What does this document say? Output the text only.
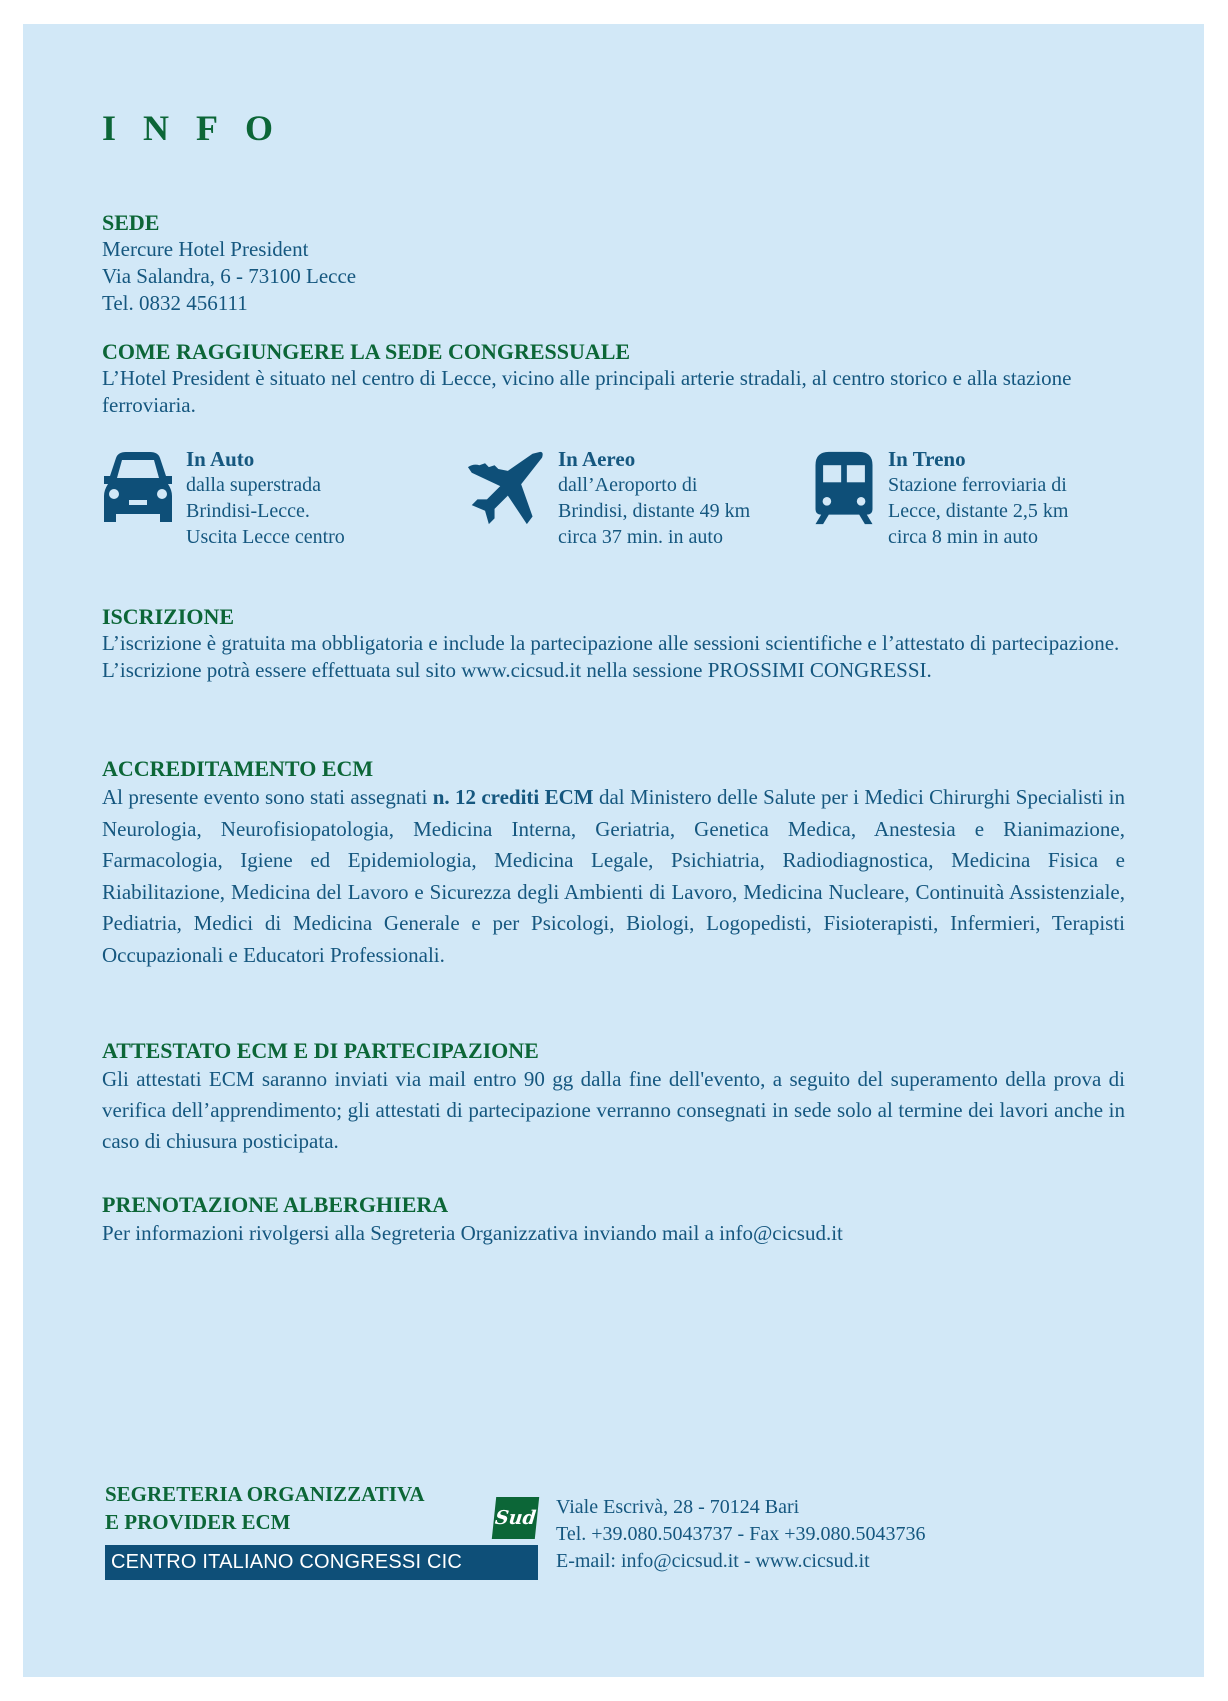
INFO

SEDE

Mercure Hotel President

Via Salandra, 6 - 73100 Lecce

Tel. 0832 456111

COME RAGGIUNGERE LA SEDE CONGRESSUALE

L’Hotel President è situato nel centro di Lecce, vicino alle principali arterie stradali, al centro storico e alla stazione ferroviaria.

In Auto
dalla superstrada
Brindisi-Lecce.
Uscita Lecce centro
In Aereo
dall’Aeroporto di
Brindisi, distante 49 km
circa 37 min. in auto
In Treno
Stazione ferroviaria di
Lecce, distante 2,5 km
circa 8 min in auto

ISCRIZIONE

L’iscrizione è gratuita ma obbligatoria e include la partecipazione alle sessioni scientifiche e l’attestato di partecipazione. L’iscrizione potrà essere effettuata sul sito www.cicsud.it nella sessione PROSSIMI CONGRESSI.

ACCREDITAMENTO ECM

Al presente evento sono stati assegnati n. 12 crediti ECM dal Ministero delle Salute per i Medici Chirurghi Specialisti in Neurologia, Neurofisiopatologia, Medicina Interna, Geriatria, Genetica Medica, Anestesia e Rianimazione, Farmacologia, Igiene ed Epidemiologia, Medicina Legale, Psichiatria, Radiodiagnostica, Medicina Fisica e Riabilitazione, Medicina del Lavoro e Sicurezza degli Ambienti di Lavoro, Medicina Nucleare, Continuità Assistenziale, Pediatria, Medici di Medicina Generale e per Psicologi, Biologi, Logopedisti, Fisioterapisti, Infermieri, Terapisti Occupazionali e Educatori Professionali.

ATTESTATO ECM E DI PARTECIPAZIONE

Gli attestati ECM saranno inviati via mail entro 90 gg dalla fine dell'evento, a seguito del superamento della prova di verifica dell’apprendimento; gli attestati di partecipazione verranno consegnati in sede solo al termine dei lavori anche in caso di chiusura posticipata.

PRENOTAZIONE ALBERGHIERA

Per informazioni rivolgersi alla Segreteria Organizzativa inviando mail a info@cicsud.it

SEGRETERIA ORGANIZZATIVA
E PROVIDER ECM
CENTRO ITALIANO CONGRESSI CIC
Sud Viale Escrivà, 28 - 70124 Bari
Tel. +39.080.5043737 - Fax +39.080.5043736
E-mail: info@cicsud.it - www.cicsud.it
